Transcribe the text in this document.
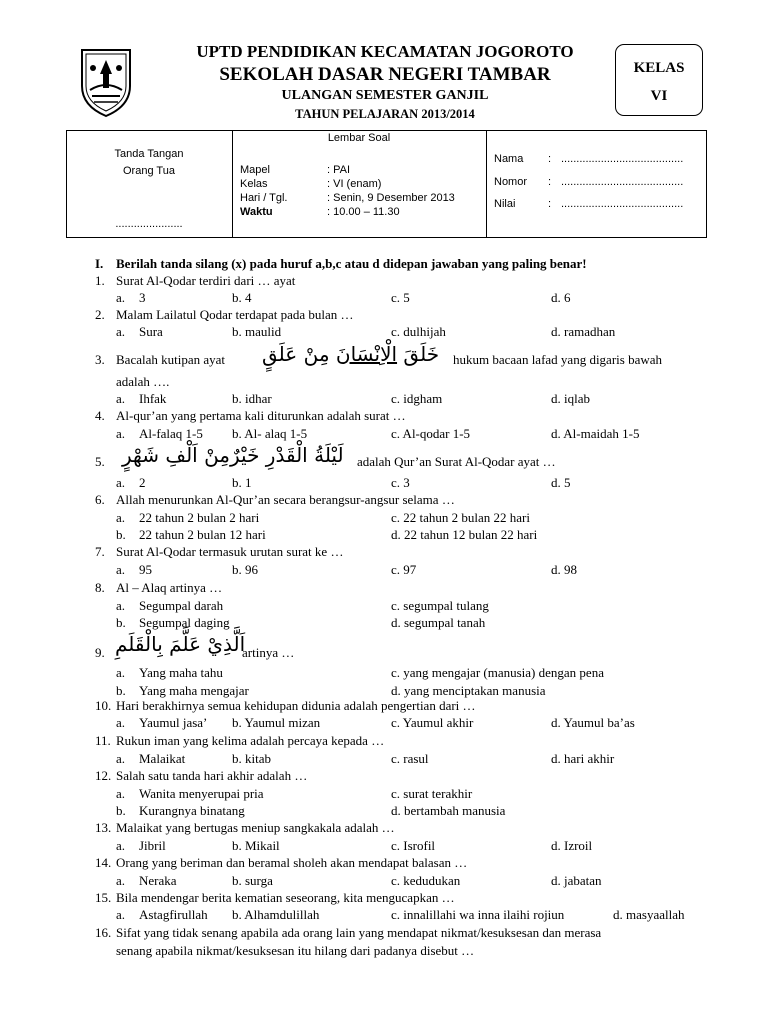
UPTD PENDIDIKAN KECAMATAN JOGOROTO
SEKOLAH DASAR NEGERI TAMBAR
ULANGAN SEMESTER GANJIL
TAHUN PELAJARAN 2013/2014
KELAS
VI
Tanda Tangan
Orang Tua
......................
Lembar Soal
Mapel	: PAI
Kelas	: VI (enam)
Hari / Tgl.	: Senin, 9 Desember 2013
Waktu	: 10.00 – 11.30
Nama : ........................................
Nomor : ........................................
Nilai	: ........................................
I. Berilah tanda silang (x) pada huruf a,b,c atau d didepan jawaban yang paling benar!
1. Surat Al-Qodar terdiri dari … ayat
a. 3	b. 4	c. 5	d. 6
2. Malam Lailatul Qodar terdapat pada bulan …
a. Sura	b. maulid	c. dulhijah	d. ramadhan
3. Bacalah kutipan ayat	خَلَقَ الْاِنْسَانَ مِنْ عَلَقٍ	hukum bacaan lafad yang digaris bawah
adalah ….
a. Ihfak	b. idhar	c. idgham	d. iqlab
4. Al-qur’an yang pertama kali diturunkan adalah surat …
a. Al-falaq 1-5 b. Al- alaq 1-5	c. Al-qodar 1-5	d. Al-maidah 1-5
5. لَيْلَةُ الْقَدْرِ خَيْرٌمِنْ اَلْفِ شَهْرٍ adalah Qur’an Surat Al-Qodar ayat …
a. 2	b. 1	c. 3	d. 5
6. Allah menurunkan Al-Qur’an secara berangsur-angsur selama …
a. 22 tahun 2 bulan 2 hari	c. 22 tahun 2 bulan 22 hari
b. 22 tahun 2 bulan 12 hari	d. 22 tahun 12 bulan 22 hari
7. Surat Al-Qodar termasuk urutan surat ke …
a. 95	b. 96	c. 97	d. 98
8. Al – Alaq artinya …
a. Segumpal darah	c. segumpal tulang
b. Segumpal daging	d. segumpal tanah
9. اَلَّذِيْ عَلَّمَ بِالْقَلَمِ
artinya …
a. Yang maha tahu	c. yang mengajar (manusia) dengan pena
b. Yang maha mengajar	d. yang menciptakan manusia
10. Hari berakhirnya semua kehidupan didunia adalah pengertian dari …
a. Yaumul jasa’ b. Yaumul mizan	c. Yaumul akhir	d. Yaumul ba’as
11. Rukun iman yang kelima adalah percaya kepada …
a. Malaikat	b. kitab	c. rasul	d. hari akhir
12. Salah satu tanda hari akhir adalah …
a. Wanita menyerupai pria	c. surat terakhir
b. Kurangnya binatang	d. bertambah manusia
13. Malaikat yang bertugas meniup sangkakala adalah …
a. Jibril	b. Mikail	c. Isrofil	d. Izroil
14. Orang yang beriman dan beramal sholeh akan mendapat balasan …
a. Neraka	b. surga	c. kedudukan	d. jabatan
15. Bila mendengar berita kematian seseorang, kita mengucapkan …
a. Astagfirullah b. Alhamdulillah	c. innalillahi wa inna ilaihi rojiun	d. masyaallah
16. Sifat yang tidak senang apabila ada orang lain yang mendapat nikmat/kesuksesan dan merasa
senang apabila nikmat/kesuksesan itu hilang dari padanya disebut …
